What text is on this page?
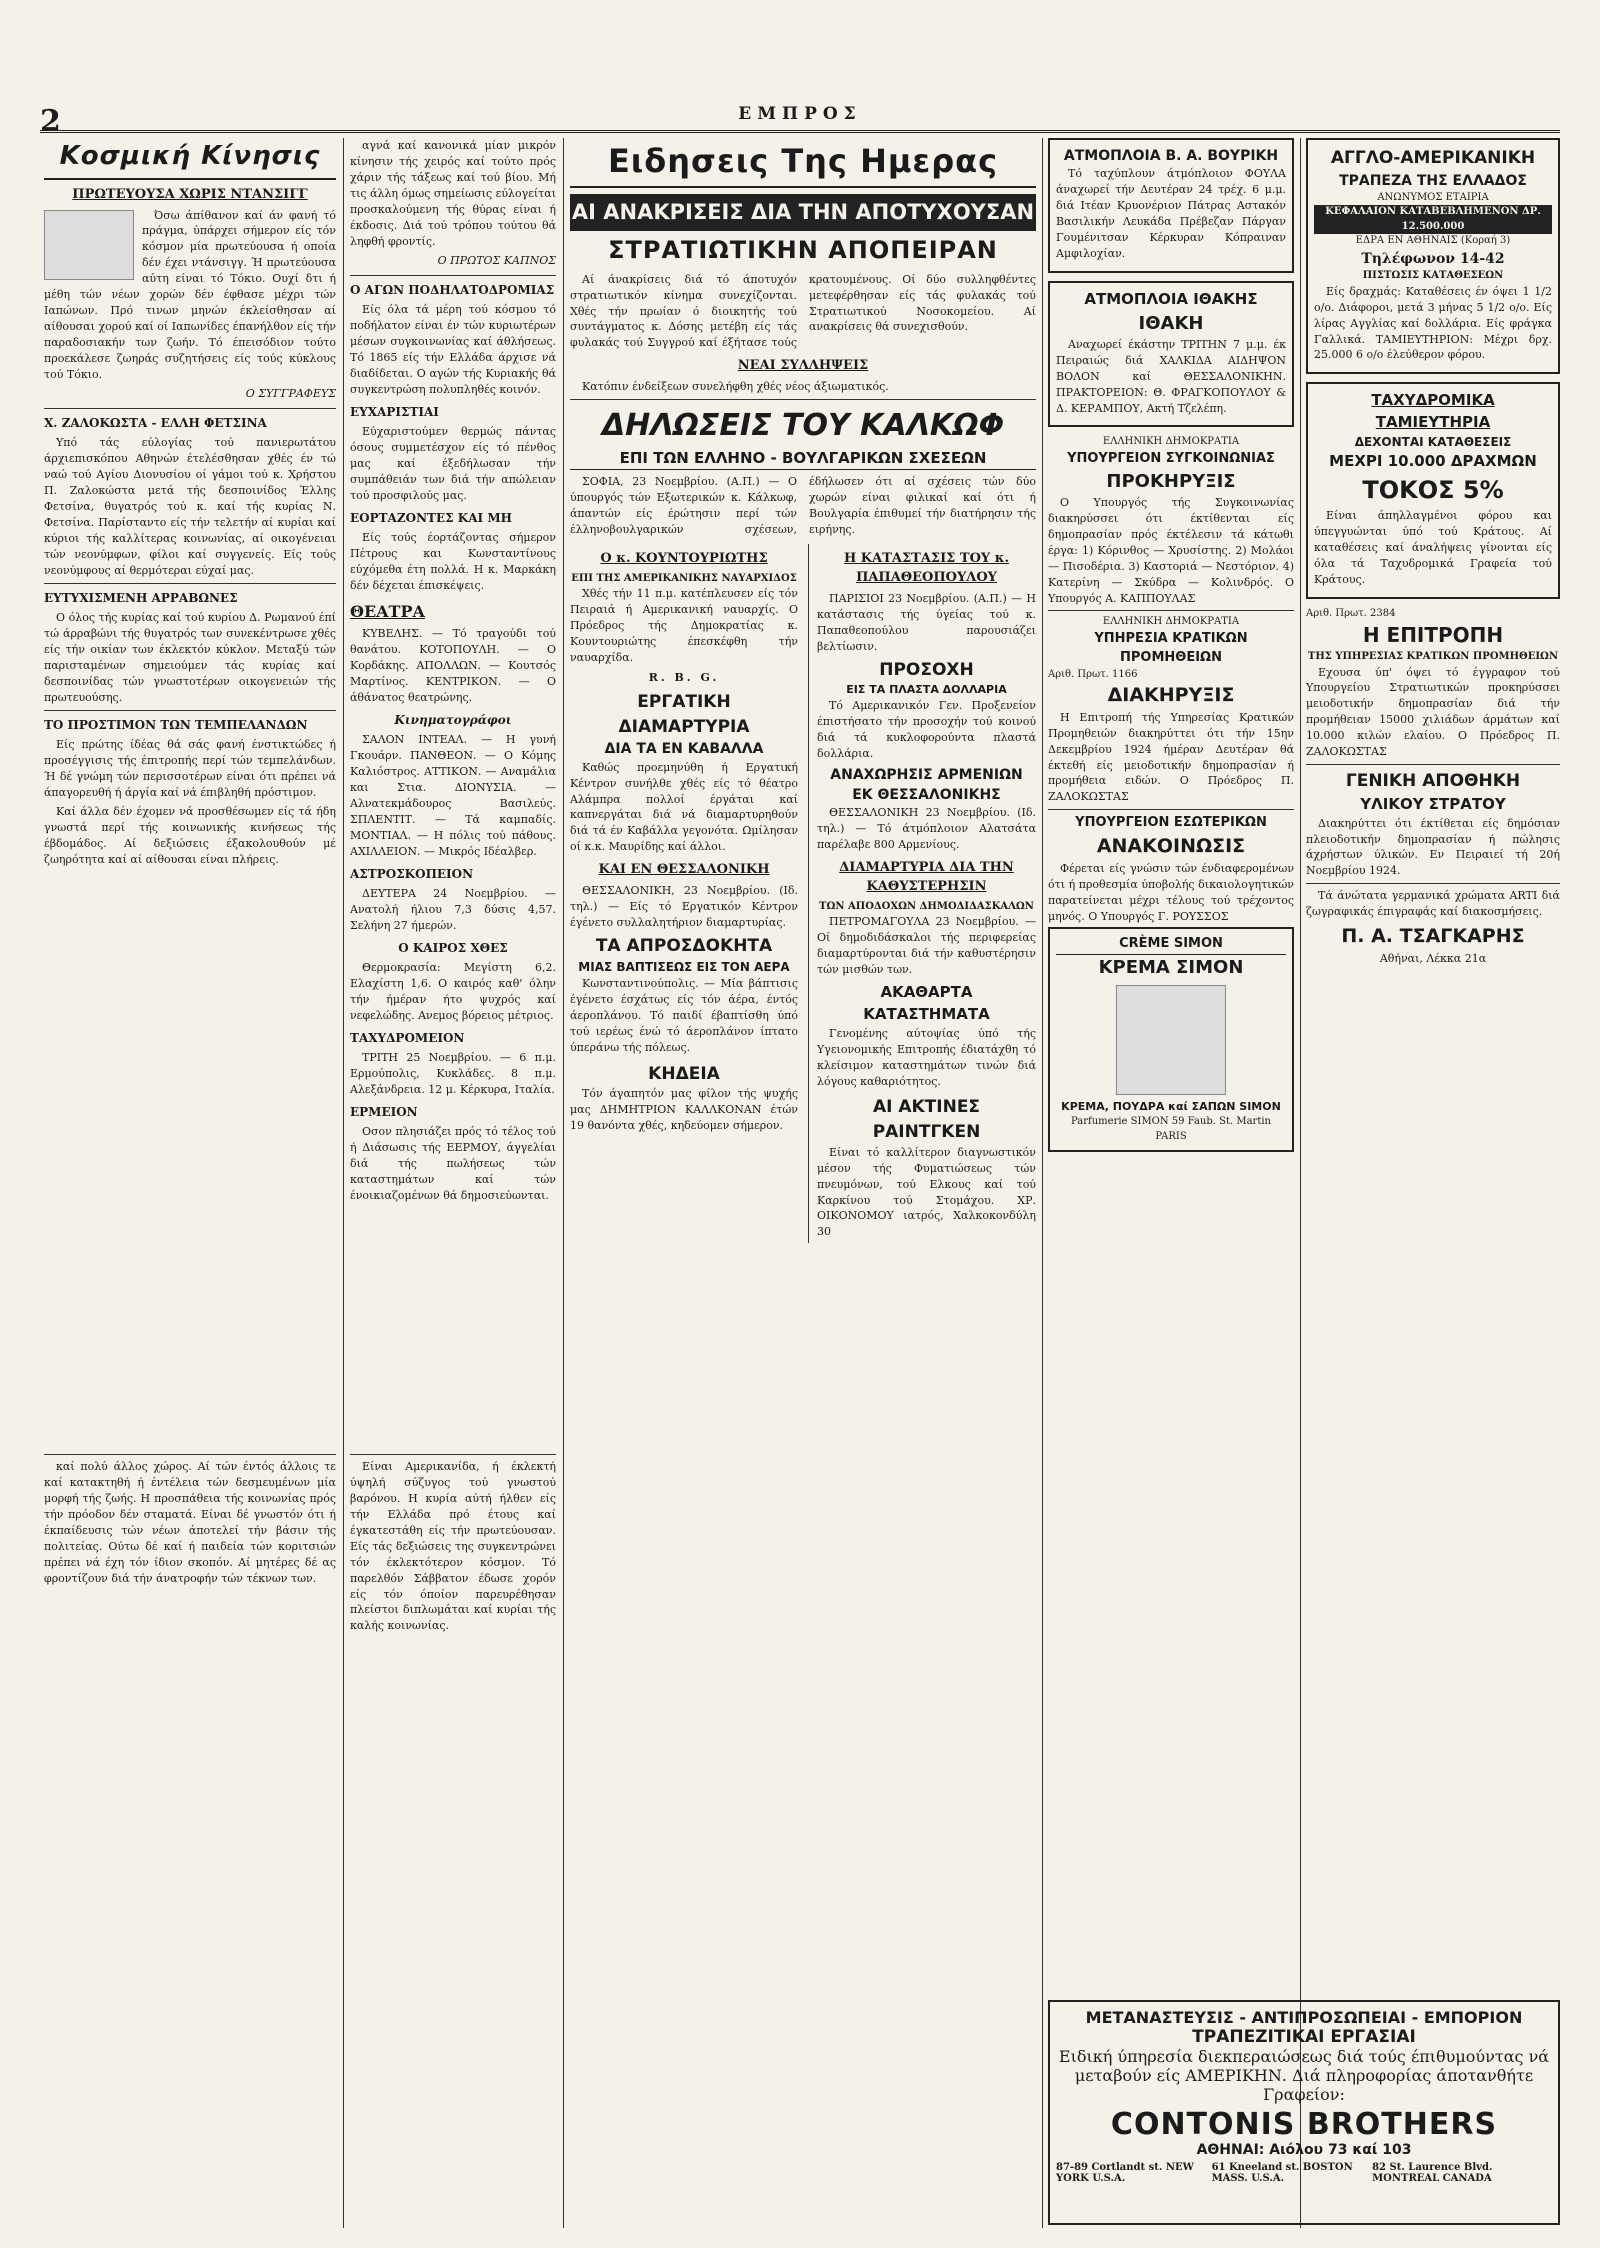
2	ΕΜΠΡΟΣ
Κοσμική Κίνησις
ΠΡΩΤΕΥΟΥΣΑ ΧΩΡΙΣ ΝΤΑΝΣΙΓΓ
Όσω άπίθανον καί άν φανή τό πράγμα, ύπάρχει σήμερον είς τόν κόσμον μία πρωτεύουσα ή οποία δέν έχει ντάνσιγγ. Ή πρωτεύουσα αύτη είναι τό Τόκιο. Ουχί δτι ή μέθη τών νέων χορών δέν έφθασε μέχρι τών Ιαπώνων. Πρό τινων μηνών έκλείσθησαν αί αίθουσαι χορού καί οί Ιαπωνίδες έπανήλθον είς τήν παραδοσιακήν των ζωήν. Τό έπεισόδιον τούτο προεκάλεσε ζωηράς συζητήσεις είς τούς κύκλους τού Τόκιο.
Ο ΣΥΓΓΡΑΦΕΥΣ
Χ. ΖΑΛΟΚΩΣΤΑ - ΕΛΛΗ ΦΕΤΣΙΝΑ
Υπό τάς εύλογίας τού πανιερωτάτου άρχιεπισκόπου Αθηνών έτελέσθησαν χθές έν τώ ναώ τού Αγίου Διονυσίου οί γάμοι τού κ. Χρήστου Π. Ζαλοκώστα μετά τής δεσποινίδος Έλλης Φετσίνα, θυγατρός τού κ. καί τής κυρίας Ν. Φετσίνα. Παρίσταντο είς τήν τελετήν αί κυρίαι καί κύριοι τής καλλίτερας κοινωνίας, αί οικογένειαι τών νεονύμφων, φίλοι καί συγγενείς. Είς τούς νεονύμφους αί θερμότεραι εύχαί μας.
ΕΥΤΥΧΙΣΜΕΝΗ ΑΡΡΑΒΩΝΕΣ
Ο όλος τής κυρίας καί τού κυρίου Δ. Ρωμανού έπί τώ άρραβώνι τής θυγατρός των συνεκέντρωσε χθές είς τήν οικίαν των έκλεκτόν κύκλον. Μεταξύ τών παρισταμένων σημειούμεν τάς κυρίας καί δεσποινίδας τών γνωστοτέρων οικογενειών τής πρωτευούσης.
ΤΟ ΠΡΟΣΤΙΜΟΝ ΤΩΝ ΤΕΜΠΕΛΑΝΔΩΝ
Είς πρώτης ίδέας θά σάς φανή ένστικτώδες ή προσέγγισις τής έπιτροπής περί τών τεμπελάνδων. Ή δέ γνώμη τών περισσοτέρων είναι ότι πρέπει νά άπαγορευθή ή άργία καί νά έπιβληθή πρόστιμον.
Καί άλλα δέν έχομεν νά προσθέσωμεν είς τά ήδη γνωστά περί τής κοινωνικής κινήσεως τής έβδομάδος. Αί δεξιώσεις έξακολουθούν μέ ζωηρότητα καί αί αίθουσαι είναι πλήρεις.
αγνά καί κανονικά μίαν μικρόν κίνησιν τής χειρός καί τούτο πρός χάριν τής τάξεως καί τού βίου. Μή τις άλλη όμως σημείωσις εύλογείται προσκαλούμενη τής θύρας είναι ή έκδοσις. Διά τού τρόπου τούτου θά ληφθή φροντίς.
Ο ΠΡΩΤΟΣ ΚΑΠΝΟΣ
Ο ΑΓΩΝ ΠΟΔΗΛΑΤΟΔΡΟΜΙΑΣ
Είς όλα τά μέρη τού κόσμου τό ποδήλατον είναι έν τών κυριωτέρων μέσων συγκοινωνίας καί άθλήσεως. Τό 1865 είς τήν Ελλάδα άρχισε νά διαδίδεται. Ο αγών τής Κυριακής θά συγκεντρώση πολυπληθές κοινόν.
ΕΥΧΑΡΙΣΤΙΑΙ
Εύχαριστούμεν θερμώς πάντας όσους συμμετέσχον είς τό πένθος μας καί έξεδήλωσαν τήν συμπάθειάν των διά τήν απώλειαν τού προσφιλούς μας.
ΕΟΡΤΑΖΟΝΤΕΣ ΚΑΙ ΜΗ
Είς τούς έορτάζοντας σήμερον Πέτρους και Κωνσταντίνους εύχόμεθα έτη πολλά. Η κ. Μαρκάκη δέν δέχεται έπισκέψεις.
ΘΕΑΤΡΑ
ΚΥΒΕΛΗΣ. — Τό τραγούδι τού θανάτου. ΚΟΤΟΠΟΥΛΗ. — Ο Κορδάκης. ΑΠΟΛΛΩΝ. — Κουτσός Μαρτίνος. ΚΕΝΤΡΙΚΟΝ. — Ο άθάνατος θεατρώνης.
Κινηματογράφοι
ΣΑΛΟΝ ΙΝΤΕΑΛ. — Η γυνή Γκουάρν. ΠΑΝΘΕΟΝ. — Ο Κόμης Καλιόστρος. ΑΤΤΙΚΟΝ. — Αναμάλια και Στια. ΔΙΟΝΥΣΙΑ. — Αλνατεκμάδουρος Βασιλεύς. ΣΠΛΕΝΤΙΤ. — Τά καμπαδίς. ΜΟΝΤΙΑΛ. — Η πόλις τού πάθους. ΑΧΙΛΛΕΙΟΝ. — Μικρός Ιδέαλβερ.
ΑΣΤΡΟΣΚΟΠΕΙΟΝ
ΔΕΥΤΕΡΑ 24 Νοεμβρίου. — Ανατολή ήλιου 7,3 δύσις 4,57. Σελήνη 27 ήμερών.
Ο ΚΑΙΡΟΣ ΧΘΕΣ
Θερμοκρασία: Μεγίστη 6,2. Ελαχίστη 1,6. Ο καιρός καθ' όλην τήν ήμέραν ήτο ψυχρός καί νεφελώδης. Ανεμος βόρειος μέτριος.
ΤΑΧΥΔΡΟΜΕΙΟΝ
ΤΡΙΤΗ 25 Νοεμβρίου. — 6 π.μ. Ερμούπολις, Κυκλάδες. 8 π.μ. Αλεξάνδρεια. 12 μ. Κέρκυρα, Ιταλία.
ΕΡΜΕΙΟΝ
Οσον πλησιάζει πρός τό τέλος τού ή Διάσωσις τής ΕΕΡΜΟΥ, άγγελίαι διά τής πωλήσεως τών καταστημάτων καί τών ένοικιαζομένων θά δημοσιεύωνται.
Ειδησεις Της Ημερας
ΑΙ ΑΝΑΚΡΙΣΕΙΣ ΔΙΑ ΤΗΝ ΑΠΟΤΥΧΟΥΣΑΝ
ΣΤΡΑΤΙΩΤΙΚΗΝ ΑΠΟΠΕΙΡΑΝ
Αί άνακρίσεις διά τό άποτυχόν στρατιωτικόν κίνημα συνεχίζονται. Χθές τήν πρωίαν ό διοικητής τού συντάγματος κ. Δόσης μετέβη είς τάς φυλακάς τού Συγγρού καί έξήτασε τούς κρατουμένους. Οί δύο συλληφθέντες μετεφέρθησαν είς τάς φυλακάς τού Στρατιωτικού Νοσοκομείου. Αί ανακρίσεις θά συνεχισθούν.
ΝΕΑΙ ΣΥΛΛΗΨΕΙΣ
Κατόπιν ένδείξεων συνελήφθη χθές νέος άξιωματικός.
ΔΗΛΩΣΕΙΣ ΤΟΥ ΚΑΛΚΩΦ
ΕΠΙ ΤΩΝ ΕΛΛΗΝΟ - ΒΟΥΛΓΑΡΙΚΩΝ ΣΧΕΣΕΩΝ
ΣΟΦΙΑ, 23 Νοεμβρίου. (Α.Π.) — Ο ύπουργός τών Εξωτερικών κ. Κάλκωφ, άπαντών είς έρώτησιν περί τών έλληνοβουλγαρικών σχέσεων, έδήλωσεν ότι αί σχέσεις τών δύο χωρών είναι φιλικαί καί ότι ή Βουλγαρία έπιθυμεί τήν διατήρησιν τής ειρήνης.
Ο κ. ΚΟΥΝΤΟΥΡΙΩΤΗΣ
ΕΠΙ ΤΗΣ ΑΜΕΡΙΚΑΝΙΚΗΣ ΝΑΥΑΡΧΙΔΟΣ
Χθές τήν 11 π.μ. κατέπλευσεν είς τόν Πειραιά ή Αμερικανική ναυαρχίς. Ο Πρόεδρος τής Δημοκρατίας κ. Κουντουριώτης έπεσκέφθη τήν ναυαρχίδα.
R. B. G.
ΕΡΓΑΤΙΚΗ ΔΙΑΜΑΡΤΥΡΙΑ
ΔΙΑ ΤΑ ΕΝ ΚΑΒΑΛΛΑ
Καθώς προεμηνύθη ή Εργατική Κέντρον συνήλθε χθές είς τό θέατρο Αλάμπρα πολλοί έργάται καί καπνεργάται διά νά διαμαρτυρηθούν διά τά έν Καβάλλα γεγονότα. Ωμίλησαν οί κ.κ. Μαυρίδης καί άλλοι.
ΚΑΙ ΕΝ ΘΕΣΣΑΛΟΝΙΚΗ
ΘΕΣΣΑΛΟΝΙΚΗ, 23 Νοεμβρίου. (Ιδ. τηλ.) — Είς τό Εργατικόν Κέντρον έγένετο συλλαλητήριον διαμαρτυρίας.
ΤΑ ΑΠΡΟΣΔΟΚΗΤΑ
ΜΙΑΣ ΒΑΠΤΙΣΕΩΣ ΕΙΣ ΤΟΝ ΑΕΡΑ
Κωνσταντινούπολις. — Μία βάπτισις έγένετο έσχάτως είς τόν άέρα, έντός άεροπλάνου. Τό παιδί έβαπτίσθη ύπό τού ιερέως ένώ τό άεροπλάνον ίπτατο ύπεράνω τής πόλεως.
ΚΗΔΕΙΑ
Τόν άγαπητόν μας φίλον τής ψυχής μας ΔΗΜΗΤΡΙΟΝ ΚΑΛΛΚΟΝΑΝ έτών 19 θανόντα χθές, κηδεύομεν σήμερον.
Η ΚΑΤΑΣΤΑΣΙΣ ΤΟΥ κ. ΠΑΠΑΘΕΟΠΟΥΛΟΥ
ΠΑΡΙΣΙΟΙ 23 Νοεμβρίου. (Α.Π.) — Η κατάστασις τής ύγείας τού κ. Παπαθεοπούλου παρουσιάζει βελτίωσιν.
ΠΡΟΣΟΧΗ
ΕΙΣ ΤΑ ΠΛΑΣΤΑ ΔΟΛΛΑΡΙΑ
Τό Αμερικανικόν Γεν. Προξενείον έπιστήσατο τήν προσοχήν τού κοινού διά τά κυκλοφορούντα πλαστά δολλάρια.
ΑΝΑΧΩΡΗΣΙΣ ΑΡΜΕΝΙΩΝ
ΕΚ ΘΕΣΣΑΛΟΝΙΚΗΣ
ΘΕΣΣΑΛΟΝΙΚΗ 23 Νοεμβρίου. (Ιδ. τηλ.) — Τό άτμόπλοιον Αλατσάτα παρέλαβε 800 Αρμενίους.
ΔΙΑΜΑΡΤΥΡΙΑ ΔΙΑ ΤΗΝ ΚΑΘΥΣΤΕΡΗΣΙΝ
ΤΩΝ ΑΠΟΔΟΧΩΝ ΔΗΜΟΔΙΔΑΣΚΑΛΩΝ
ΠΕΤΡΟΜΑΓΟΥΛΑ 23 Νοεμβρίου. — Οί δημοδιδάσκαλοι τής περιφερείας διαμαρτύρονται διά τήν καθυστέρησιν τών μισθών των.
ΑΚΑΘΑΡΤΑ ΚΑΤΑΣΤΗΜΑΤΑ
Γενομένης αύτοψίας ύπό τής Υγειονομικής Επιτροπής έδιατάχθη τό κλείσιμον καταστημάτων τινών διά λόγους καθαριότητος.
ΑΙ ΑΚΤΙΝΕΣ ΡΑΙΝΤΓΚΕΝ
Είναι τό καλλίτερον διαγνωστικόν μέσον τής Φυματιώσεως τών πνευμόνων, τού Ελκους καί τού Καρκίνου τού Στομάχου. ΧΡ. ΟΙΚΟΝΟΜΟΥ ιατρός, Χαλκοκονδύλη 30
ΑΤΜΟΠΛΟΙΑ Β. Α. ΒΟΥΡΙΚΗ
Τό ταχύπλουν άτμόπλοιον ΦΟΥΛΑ άναχωρεί τήν Δευτέραν 24 τρέχ. 6 μ.μ. διά Ιτέαν Κρυονέριον Πάτρας Αστακόν Βασιλικήν Λευκάδα Πρέβεζαν Πάργαν Γουμένιτσαν Κέρκυραν Κόπραιναν Αμφιλοχίαν.
ΑΤΜΟΠΛΟΙΑ ΙΘΑΚΗΣ
ΙΘΑΚΗ
Αναχωρεί έκάστην ΤΡΙΤΗΝ 7 μ.μ. έκ Πειραιώς διά ΧΑΛΚΙΔΑ ΑΙΔΗΨΟΝ ΒΟΛΟΝ καί ΘΕΣΣΑΛΟΝΙΚΗΝ. ΠΡΑΚΤΟΡΕΙΟΝ: Θ. ΦΡΑΓΚΟΠΟΥΛΟΥ & Δ. ΚΕΡΑΜΠΟΥ, Ακτή Τζελέπη.
ΕΛΛΗΝΙΚΗ ΔΗΜΟΚΡΑΤΙΑ
ΥΠΟΥΡΓΕΙΟΝ ΣΥΓΚΟΙΝΩΝΙΑΣ
ΠΡΟΚΗΡΥΞΙΣ
Ο Υπουργός τής Συγκοινωνίας διακηρύσσει ότι έκτίθενται είς δημοπρασίαν πρός έκτέλεσιν τά κάτωθι έργα: 1) Κόρινθος — Χρυσίστης. 2) Μολάοι — Πισοδέρια. 3) Καστοριά — Νεστόριον. 4) Κατερίνη — Σκύδρα — Κολινδρός. Ο Υπουργός Α. ΚΑΠΠΟΥΛΑΣ
ΕΛΛΗΝΙΚΗ ΔΗΜΟΚΡΑΤΙΑ
ΥΠΗΡΕΣΙΑ ΚΡΑΤΙΚΩΝ ΠΡΟΜΗΘΕΙΩΝ
Αριθ. Πρωτ. 1166
ΔΙΑΚΗΡΥΞΙΣ
Η Επιτροπή τής Υπηρεσίας Κρατικών Προμηθειών διακηρύττει ότι τήν 15ην Δεκεμβρίου 1924 ήμέραν Δευτέραν θά έκτεθή είς μειοδοτικήν δημοπρασίαν ή προμήθεια ειδών. Ο Πρόεδρος Π. ΖΑΛΟΚΩΣΤΑΣ
ΥΠΟΥΡΓΕΙΟΝ ΕΣΩΤΕΡΙΚΩΝ
ΑΝΑΚΟΙΝΩΣΙΣ
Φέρεται είς γνώσιν τών ένδιαφερομένων ότι ή προθεσμία ύποβολής δικαιολογητικών παρατείνεται μέχρι τέλους τού τρέχοντος μηνός. Ο Υπουργός Γ. ΡΟΥΣΣΟΣ
CRÈME SIMON
ΚΡΕΜΑ ΣΙΜΟΝ
ΚΡΕΜΑ, ΠΟΥΔΡΑ καί ΣΑΠΩΝ SIMON
Parfumerie SIMON 59 Faub. St. Martin PARIS
ΑΓΓΛΟ-ΑΜΕΡΙΚΑΝΙΚΗ
ΤΡΑΠΕΖΑ ΤΗΣ ΕΛΛΑΔΟΣ
ΑΝΩΝΥΜΟΣ ΕΤΑΙΡΙΑ
ΚΕΦΑΛΑΙΟΝ ΚΑΤΑΒΕΒΛΗΜΕΝΟΝ ΔΡ. 12.500.000
ΕΔΡΑ ΕΝ ΑΘΗΝΑΙΣ (Κοραή 3)
Τηλέφωνον 14-42
ΠΙΣΤΩΣΙΣ ΚΑΤΑΘΕΣΕΩΝ
Είς δραχμάς: Καταθέσεις έν όψει 1 1/2 ο/ο. Διάφοροι, μετά 3 μήνας 5 1/2 ο/ο. Είς λίρας Αγγλίας καί δολλάρια. Είς φράγκα Γαλλικά. ΤΑΜΙΕΥΤΗΡΙΟΝ: Μέχρι δρχ. 25.000 6 ο/ο έλεύθερον φόρου.
ΤΑΧΥΔΡΟΜΙΚΑ ΤΑΜΙΕΥΤΗΡΙΑ
ΔΕΧΟΝΤΑΙ ΚΑΤΑΘΕΣΕΙΣ
ΜΕΧΡΙ 10.000 ΔΡΑΧΜΩΝ
ΤΟΚΟΣ 5%
Είναι άπηλλαγμένοι φόρου και ύπεγγυώνται ύπό τού Κράτους. Αί καταθέσεις καί άναλήψεις γίνονται είς όλα τά Ταχυδρομικά Γραφεία τού Κράτους.
Αριθ. Πρωτ. 2384
Η ΕΠΙΤΡΟΠΗ
ΤΗΣ ΥΠΗΡΕΣΙΑΣ ΚΡΑΤΙΚΩΝ ΠΡΟΜΗΘΕΙΩΝ
Εχουσα ύπ' όψει τό έγγραφον τού Υπουργείου Στρατιωτικών προκηρύσσει μειοδοτικήν δημοπρασίαν διά τήν προμήθειαν 15000 χιλιάδων άρμάτων καί 10.000 κιλών ελαίου. Ο Πρόεδρος Π. ΖΑΛΟΚΩΣΤΑΣ
ΓΕΝΙΚΗ ΑΠΟΘΗΚΗ
ΥΛΙΚΟΥ ΣΤΡΑΤΟΥ
Διακηρύττει ότι έκτίθεται είς δημόσιαν πλειοδοτικήν δημοπρασίαν ή πώλησις άχρήστων ύλικών. Εν Πειραιεί τή 20ή Νοεμβρίου 1924.
Τά άνώτατα γερμανικά χρώματα ARTI διά ζωγραφικάς έπιγραφάς καί διακοσμήσεις.
Π. Α. ΤΣΑΓΚΑΡΗΣ
Αθήναι, Λέκκα 21α
ΜΕΤΑΝΑΣΤΕΥΣΙΣ - ΑΝΤΙΠΡΟΣΩΠΕΙΑΙ - ΕΜΠΟΡΙΟΝ
ΤΡΑΠΕΖΙΤΙΚΑΙ ΕΡΓΑΣΙΑΙ
Ειδική ύπηρεσία διεκπεραιώσεως διά τούς έπιθυμούντας νά μεταβούν είς ΑΜΕΡΙΚΗΝ. Διά πληροφορίας άποτανθήτε Γραφείον:
CONTONIS BROTHERS
ΑΘΗΝΑΙ: Αιόλου 73 καί 103
87-89 Cortlandt st. NEW YORK U.S.A.
61 Kneeland st. BOSTON MASS. U.S.A.
82 St. Laurence Blvd. MONTREAL CANADA
καί πολύ άλλος χώρος. Αί τών έντός άλλοις τε καί κατακτηθή ή έντέλεια τών δεσμευμένων μία μορφή τής ζωής. Η προσπάθεια τής κοινωνίας πρός τήν πρόοδον δέν σταματά. Είναι δέ γνωστόν ότι ή έκπαίδευσις τών νέων άποτελεί τήν βάσιν τής πολιτείας. Ούτω δέ καί ή παιδεία τών κοριτσιών πρέπει νά έχη τόν ίδιον σκοπόν. Αί μητέρες δέ ας φροντίζουν διά τήν άνατροφήν τών τέκνων των.
Είναι Αμερικανίδα, ή έκλεκτή ύψηλή σύζυγος τού γνωστού βαρόνου. Η κυρία αύτή ήλθεν είς τήν Ελλάδα πρό έτους καί έγκατεστάθη είς τήν πρωτεύουσαν. Είς τάς δεξιώσεις της συγκεντρώνει τόν έκλεκτότερον κόσμον. Τό παρελθόν Σάββατον έδωσε χορόν είς τόν όποίον παρευρέθησαν πλείστοι διπλωμάται καί κυρίαι τής καλής κοινωνίας.
